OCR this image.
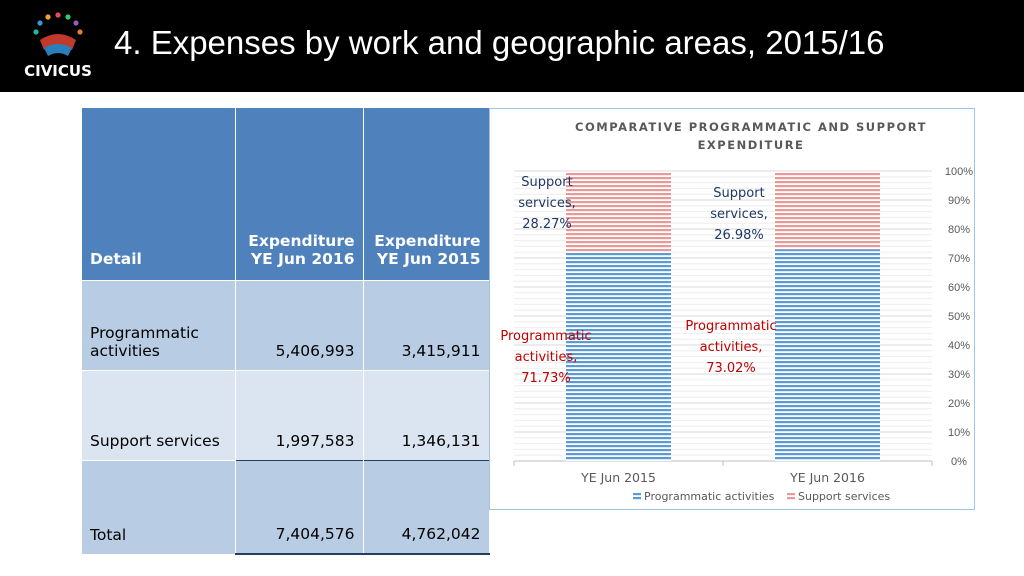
CIVICUS
4. Expenses by work and geographic areas, 2015/16
Detail	Expenditure YE Jun 2016	Expenditure YE Jun 2015
Programmatic activities	5,406,993	3,415,911
Support services	1,997,583	1,346,131
Total	7,404,576	4,762,042
COMPARATIVE PROGRAMMATIC AND SUPPORT
EXPENDITURE
0%
10%
20%
30%
40%
50%
60%
70%
80%
90%
100%
YE Jun 2015	YE Jun 2016
Programmatic activities, 71.73%
Programmatic activities, 73.02%
Support services, 28.27%
Support services, 26.98%
Programmatic activities Support services
